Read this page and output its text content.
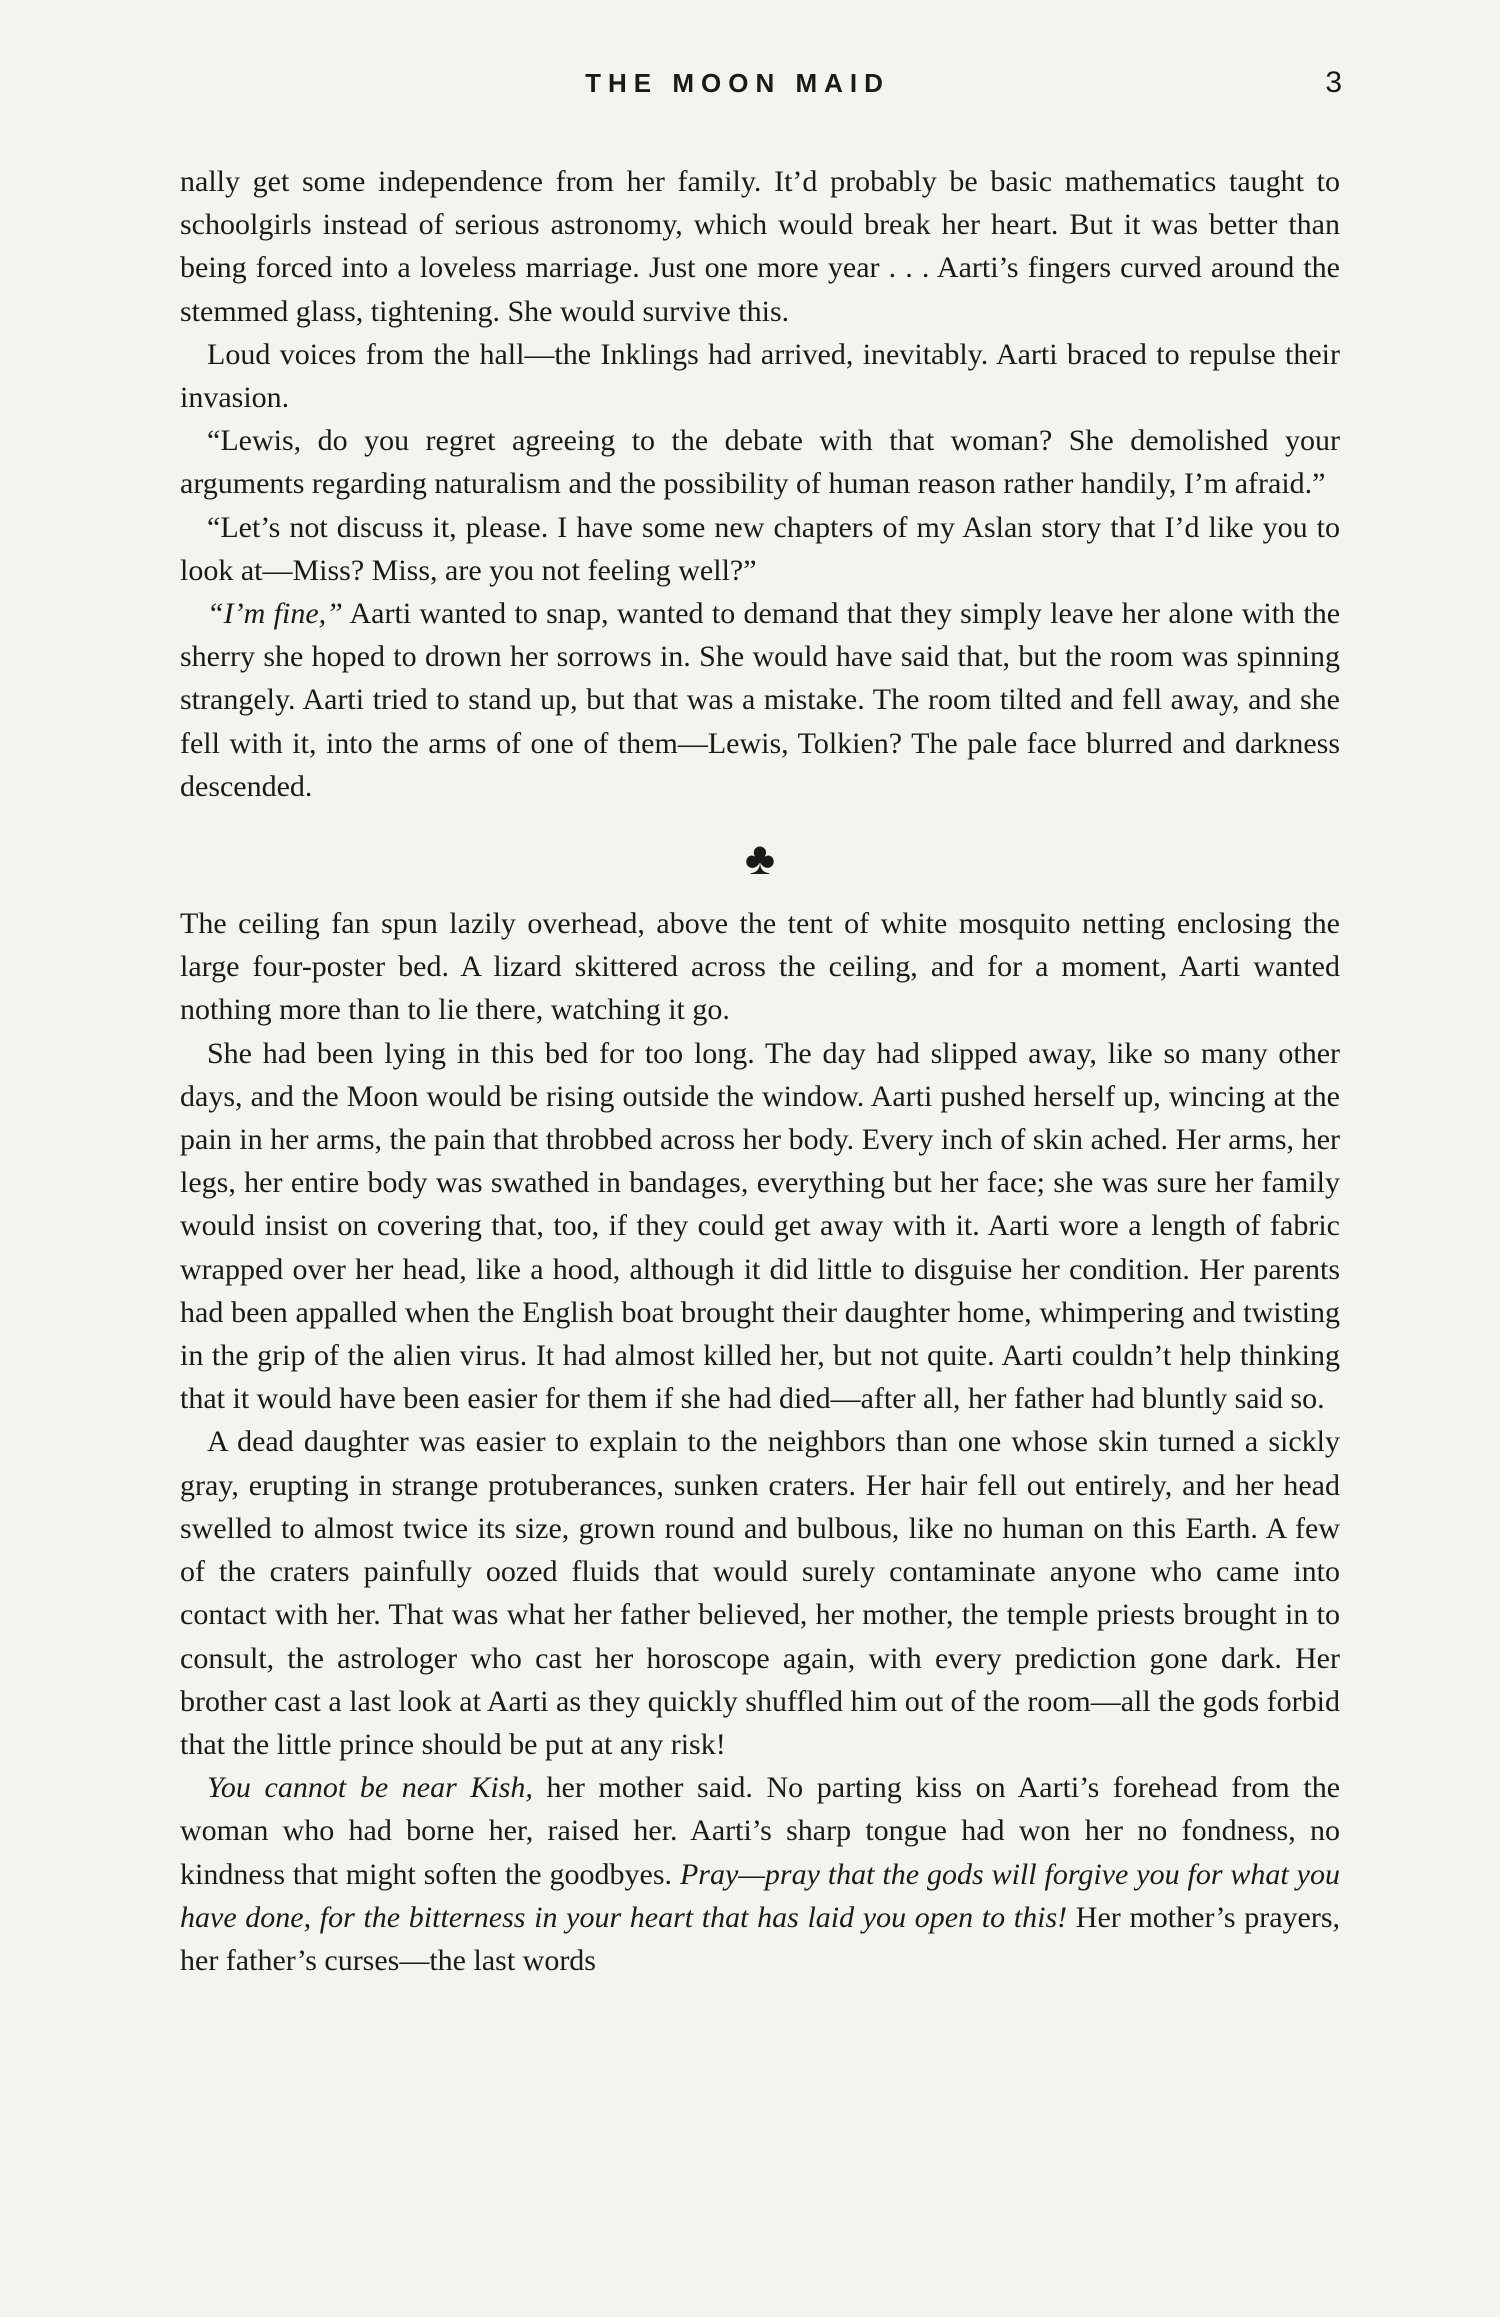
THE MOON MAID	3

nally get some independence from her family. It’d probably be basic mathematics taught to schoolgirls instead of serious astronomy, which would break her heart. But it was better than being forced into a loveless marriage. Just one more year . . . Aarti’s fingers curved around the stemmed glass, tightening. She would survive this.

Loud voices from the hall—the Inklings had arrived, inevitably. Aarti braced to repulse their invasion.

“Lewis, do you regret agreeing to the debate with that woman? She demolished your arguments regarding naturalism and the possibility of human reason rather handily, I’m afraid.”

“Let’s not discuss it, please. I have some new chapters of my Aslan story that I’d like you to look at—Miss? Miss, are you not feeling well?”

“I’m fine,” Aarti wanted to snap, wanted to demand that they simply leave her alone with the sherry she hoped to drown her sorrows in. She would have said that, but the room was spinning strangely. Aarti tried to stand up, but that was a mistake. The room tilted and fell away, and she fell with it, into the arms of one of them—Lewis, Tolkien? The pale face blurred and darkness descended.

♣

The ceiling fan spun lazily overhead, above the tent of white mosquito netting enclosing the large four-poster bed. A lizard skittered across the ceiling, and for a moment, Aarti wanted nothing more than to lie there, watching it go.

She had been lying in this bed for too long. The day had slipped away, like so many other days, and the Moon would be rising outside the window. Aarti pushed herself up, wincing at the pain in her arms, the pain that throbbed across her body. Every inch of skin ached. Her arms, her legs, her entire body was swathed in bandages, everything but her face; she was sure her family would insist on covering that, too, if they could get away with it. Aarti wore a length of fabric wrapped over her head, like a hood, although it did little to disguise her condition. Her parents had been appalled when the English boat brought their daughter home, whimpering and twisting in the grip of the alien virus. It had almost killed her, but not quite. Aarti couldn’t help thinking that it would have been easier for them if she had died—after all, her father had bluntly said so.

A dead daughter was easier to explain to the neighbors than one whose skin turned a sickly gray, erupting in strange protuberances, sunken craters. Her hair fell out entirely, and her head swelled to almost twice its size, grown round and bulbous, like no human on this Earth. A few of the craters painfully oozed fluids that would surely contaminate anyone who came into contact with her. That was what her father believed, her mother, the temple priests brought in to consult, the astrologer who cast her horoscope again, with every prediction gone dark. Her brother cast a last look at Aarti as they quickly shuffled him out of the room—all the gods forbid that the little prince should be put at any risk!

You cannot be near Kish, her mother said. No parting kiss on Aarti’s forehead from the woman who had borne her, raised her. Aarti’s sharp tongue had won her no fondness, no kindness that might soften the goodbyes. Pray—pray that the gods will forgive you for what you have done, for the bitterness in your heart that has laid you open to this! Her mother’s prayers, her father’s curses—the last words
